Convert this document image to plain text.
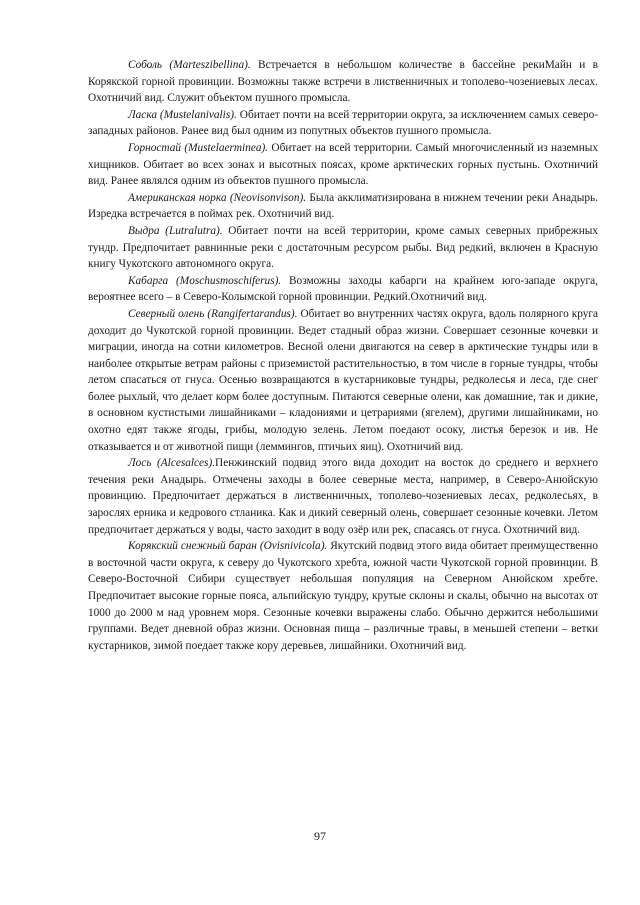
Соболь (Marteszibellina). Встречается в небольшом количестве в бассейне рекиМайн и в Корякской горной провинции. Возможны также встречи в лиственничных и тополево-чозениевых лесах. Охотничий вид. Служит объектом пушного промысла.

Ласка (Mustelanivalis). Обитает почти на всей территории округа, за исключением самых северо-западных районов. Ранее вид был одним из попутных объектов пушного промысла.

Горностай (Mustelaerminea). Обитает на всей территории. Самый многочисленный из наземных хищников. Обитает во всех зонах и высотных поясах, кроме арктических горных пустынь. Охотничий вид. Ранее являлся одним из объектов пушного промысла.

Американская норка (Neovisonvison). Была акклиматизирована в нижнем течении реки Анадырь. Изредка встречается в поймах рек. Охотничий вид.

Выдра (Lutralutra). Обитает почти на всей территории, кроме самых северных прибрежных тундр. Предпочитает равнинные реки с достаточным ресурсом рыбы. Вид редкий, включен в Красную книгу Чукотского автономного округа.

Кабарга (Moschusmoschiferus). Возможны заходы кабарги на крайнем юго-западе округа, вероятнее всего – в Северо-Колымской горной провинции. Редкий.Охотничий вид.

Северный олень (Rangifertarandus). Обитает во внутренних частях округа, вдоль полярного круга доходит до Чукотской горной провинции. Ведет стадный образ жизни. Совершает сезонные кочевки и миграции, иногда на сотни километров. Весной олени двигаются на север в арктические тундры или в наиболее открытые ветрам районы с приземистой растительностью, в том числе в горные тундры, чтобы летом спасаться от гнуса. Осенью возвращаются в кустарниковые тундры, редколесья и леса, где снег более рыхлый, что делает корм более доступным. Питаются северные олени, как домашние, так и дикие, в основном кустистыми лишайниками – кладониями и цетрариями (ягелем), другими лишайниками, но охотно едят также ягоды, грибы, молодую зелень. Летом поедают осоку, листья березок и ив. Не отказывается и от животной пищи (леммингов, птичьих яиц). Охотничий вид.

Лось (Alcesalces).Пенжинский подвид этого вида доходит на восток до среднего и верхнего течения реки Анадырь. Отмечены заходы в более северные места, например, в Северо-Анюйскую провинцию. Предпочитает держаться в лиственничных, тополево-чозениевых лесах, редколесьях, в зарослях ерника и кедрового стланика. Как и дикий северный олень, совершает сезонные кочевки. Летом предпочитает держаться у воды, часто заходит в воду озёр или рек, спасаясь от гнуса. Охотничий вид.

Корякский снежный баран (Ovisnivicola). Якутский подвид этого вида обитает преимущественно в восточной части округа, к северу до Чукотского хребта, южной части Чукотской горной провинции. В Северо-Восточной Сибири существует небольшая популяция на Северном Анюйском хребте. Предпочитает высокие горные пояса, альпийскую тундру, крутые склоны и скалы, обычно на высотах от 1000 до 2000 м над уровнем моря. Сезонные кочевки выражены слабо. Обычно держится небольшими группами. Ведет дневной образ жизни. Основная пища – различные травы, в меньшей степени – ветки кустарников, зимой поедает также кору деревьев, лишайники. Охотничий вид.

97
